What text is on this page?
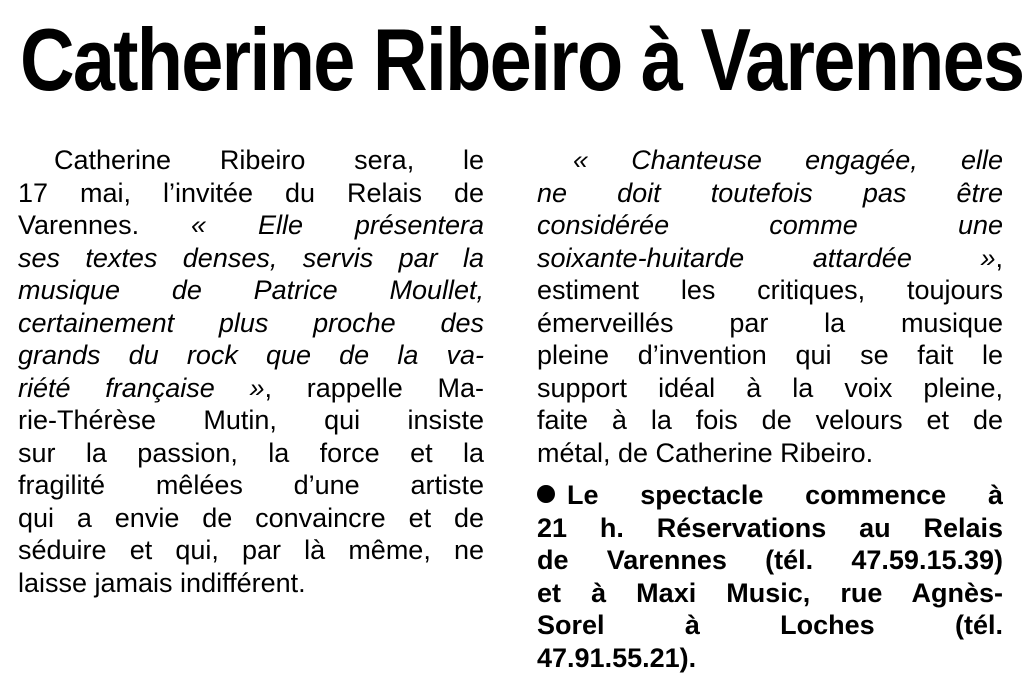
Catherine Ribeiro à Varennes
Catherine Ribeiro sera, le
17 mai, l’invitée du Relais de
Varennes. « Elle présentera
ses textes denses, servis par la
musique de Patrice Moullet,
certainement plus proche des
grands du rock que de la va-
riété française », rappelle Ma-
rie-Thérèse Mutin, qui insiste
sur la passion, la force et la
fragilité mêlées d’une artiste
qui a envie de convaincre et de
séduire et qui, par là même, ne
laisse jamais indifférent.
« Chanteuse engagée, elle
ne doit toutefois pas être
considérée comme une
soixante-huitarde attardée »,
estiment les critiques, toujours
émerveillés par la musique
pleine d’invention qui se fait le
support idéal à la voix pleine,
faite à la fois de velours et de
métal, de Catherine Ribeiro.
Le spectacle commence à
21 h. Réservations au Relais
de Varennes (tél. 47.59.15.39)
et à Maxi Music, rue Agnès-
Sorel à Loches (tél.
47.91.55.21).
